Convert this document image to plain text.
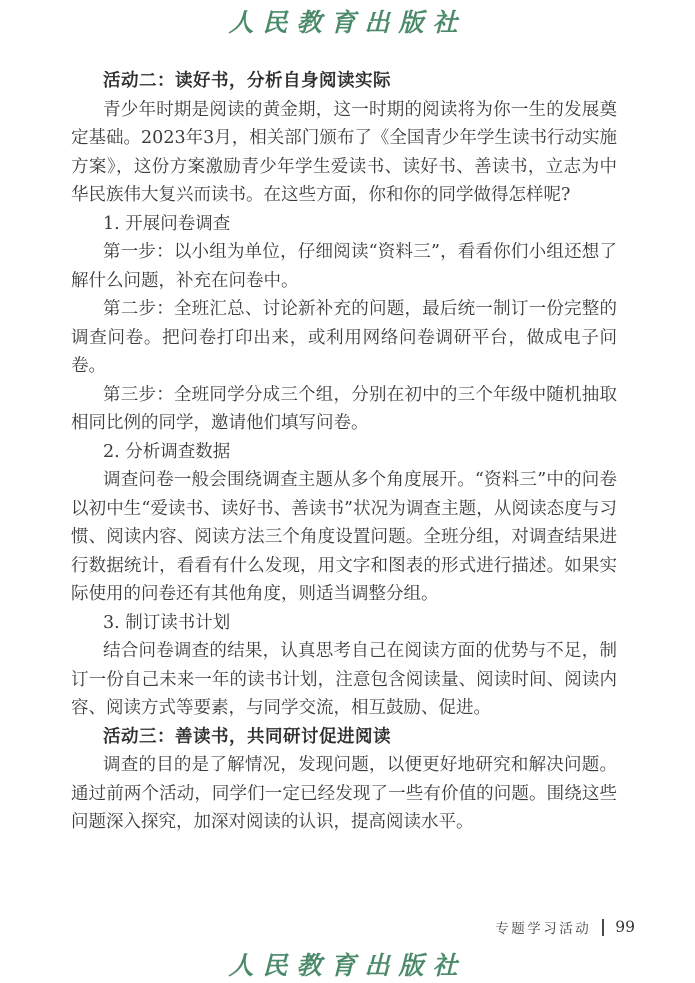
人民教育出版社

活动二：读好书，分析自身阅读实际

青少年时期是阅读的黄金期，这一时期的阅读将为你一生的发展奠定基础。2023年3月，相关部门颁布了《全国青少年学生读书行动实施方案》，这份方案激励青少年学生爱读书、读好书、善读书，立志为中华民族伟大复兴而读书。在这些方面，你和你的同学做得怎样呢?

1. 开展问卷调查

第一步：以小组为单位，仔细阅读“资料三”，看看你们小组还想了解什么问题，补充在问卷中。

第二步：全班汇总、讨论新补充的问题，最后统一制订一份完整的调查问卷。把问卷打印出来，或利用网络问卷调研平台，做成电子问卷。

第三步：全班同学分成三个组，分别在初中的三个年级中随机抽取相同比例的同学，邀请他们填写问卷。

2. 分析调查数据

调查问卷一般会围绕调查主题从多个角度展开。“资料三”中的问卷以初中生“爱读书、读好书、善读书”状况为调查主题，从阅读态度与习惯、阅读内容、阅读方法三个角度设置问题。全班分组，对调查结果进行数据统计，看看有什么发现，用文字和图表的形式进行描述。如果实际使用的问卷还有其他角度，则适当调整分组。

3. 制订读书计划

结合问卷调查的结果，认真思考自己在阅读方面的优势与不足，制订一份自己未来一年的读书计划，注意包含阅读量、阅读时间、阅读内容、阅读方式等要素，与同学交流，相互鼓励、促进。

活动三：善读书，共同研讨促进阅读

调查的目的是了解情况，发现问题，以便更好地研究和解决问题。通过前两个活动，同学们一定已经发现了一些有价值的问题。围绕这些问题深入探究，加深对阅读的认识，提高阅读水平。

专题学习活动 99
人民教育出版社
